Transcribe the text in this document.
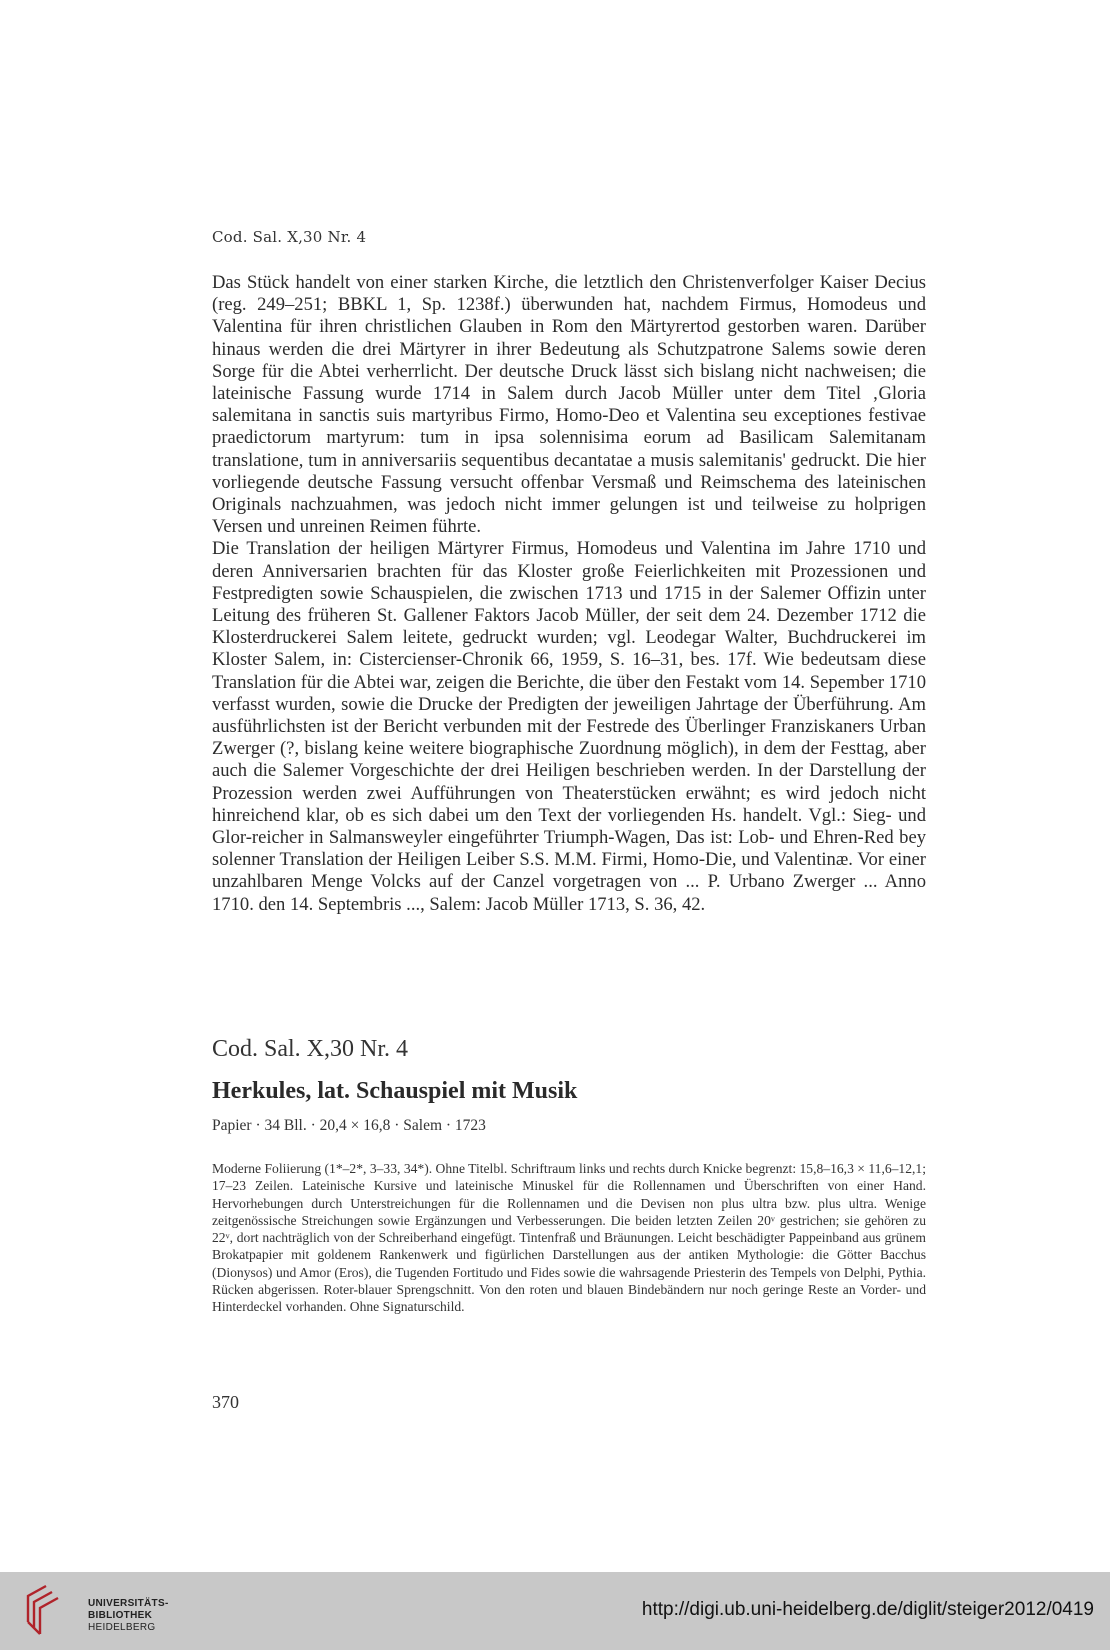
Cod. Sal. X,30 Nr. 4

Das Stück handelt von einer starken Kirche, die letztlich den Christenverfolger Kaiser Decius (reg. 249–251; BBKL 1, Sp. 1238f.) überwunden hat, nachdem Firmus, Homodeus und Valentina für ihren christlichen Glauben in Rom den Märtyrertod gestorben waren. Darüber hinaus werden die drei Märtyrer in ihrer Bedeutung als Schutzpatrone Salems sowie deren Sorge für die Abtei verherrlicht. Der deutsche Druck lässt sich bislang nicht nachweisen; die lateinische Fassung wurde 1714 in Salem durch Jacob Müller unter dem Titel ‚Gloria salemitana in sanctis suis martyribus Firmo, Homo-Deo et Valentina seu exceptiones festivae praedictorum martyrum: tum in ipsa solennisima eorum ad Basilicam Salemitanam translatione, tum in anniversariis sequentibus decantatae a musis salemitanis' gedruckt. Die hier vorliegende deutsche Fassung versucht offenbar Versmaß und Reimschema des lateinischen Originals nachzuahmen, was jedoch nicht immer gelungen ist und teilweise zu holprigen Versen und unreinen Reimen führte.

Die Translation der heiligen Märtyrer Firmus, Homodeus und Valentina im Jahre 1710 und deren Anniversarien brachten für das Kloster große Feierlichkeiten mit Prozessionen und Festpredigten sowie Schauspielen, die zwischen 1713 und 1715 in der Salemer Offizin unter Leitung des früheren St. Gallener Faktors Jacob Müller, der seit dem 24. Dezember 1712 die Klosterdruckerei Salem leitete, gedruckt wurden; vgl. Leodegar Walter, Buchdruckerei im Kloster Salem, in: Cistercienser-Chronik 66, 1959, S. 16–31, bes. 17f. Wie bedeutsam diese Translation für die Abtei war, zeigen die Berichte, die über den Festakt vom 14. Sepember 1710 verfasst wurden, sowie die Drucke der Predigten der jeweiligen Jahrtage der Überführung. Am ausführlichsten ist der Bericht verbunden mit der Festrede des Überlinger Franziskaners Urban Zwerger (?, bislang keine weitere biographische Zuordnung möglich), in dem der Festtag, aber auch die Salemer Vorgeschichte der drei Heiligen beschrieben werden. In der Darstellung der Prozession werden zwei Aufführungen von Theaterstücken erwähnt; es wird jedoch nicht hinreichend klar, ob es sich dabei um den Text der vorliegenden Hs. handelt. Vgl.: Sieg- und Glor-reicher in Salmansweyler eingeführter Triumph-Wagen, Das ist: Lob- und Ehren-Red bey solenner Translation der Heiligen Leiber S.S. M.M. Firmi, Homo-Die, und Valentinæ. Vor einer unzahlbaren Menge Volcks auf der Canzel vorgetragen von ... P. Urbano Zwerger ... Anno 1710. den 14. Septembris ..., Salem: Jacob Müller 1713, S. 36, 42.

Cod. Sal. X,30 Nr. 4
Herkules, lat. Schauspiel mit Musik
Papier · 34 Bll. · 20,4 × 16,8 · Salem · 1723
Moderne Foliierung (1*–2*, 3–33, 34*). Ohne Titelbl. Schriftraum links und rechts durch Knicke begrenzt: 15,8–16,3 × 11,6–12,1; 17–23 Zeilen. Lateinische Kursive und lateinische Minuskel für die Rollennamen und Überschriften von einer Hand. Hervorhebungen durch Unterstreichungen für die Rollennamen und die Devisen non plus ultra bzw. plus ultra. Wenige zeitgenössische Streichungen sowie Ergänzungen und Verbesserungen. Die beiden letzten Zeilen 20ᵛ gestrichen; sie gehören zu 22ᵛ, dort nachträglich von der Schreiberhand eingefügt. Tintenfraß und Bräunungen. Leicht beschädigter Pappeinband aus grünem Brokatpapier mit goldenem Rankenwerk und figürlichen Darstellungen aus der antiken Mythologie: die Götter Bacchus (Dionysos) und Amor (Eros), die Tugenden Fortitudo und Fides sowie die wahrsagende Priesterin des Tempels von Delphi, Pythia. Rücken abgerissen. Roter-blauer Sprengschnitt. Von den roten und blauen Bindebändern nur noch geringe Reste an Vorder- und Hinterdeckel vorhanden. Ohne Signaturschild.
370
UNIVERSITÄTS-
BIBLIOTHEK
HEIDELBERG
http://digi.ub.uni-heidelberg.de/diglit/steiger2012/0419
